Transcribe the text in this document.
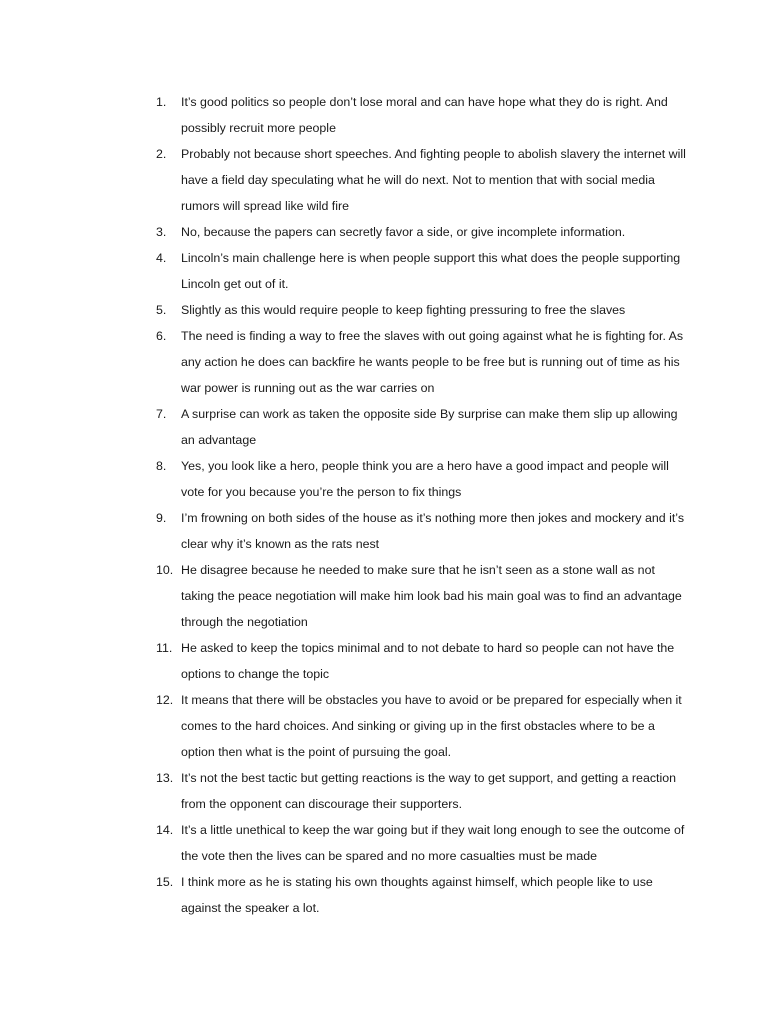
1.	It’s good politics so people don’t lose moral and can have hope what they do is right. And possibly recruit more people
2.	Probably not because short speeches. And fighting people to abolish slavery the internet will have a field day speculating what he will do next. Not to mention that with social media rumors will spread like wild fire
3.	No, because the papers can secretly favor a side, or give incomplete information.
4.	Lincoln’s main challenge here is when people support this what does the people supporting Lincoln get out of it.
5.	Slightly as this would require people to keep fighting pressuring to free the slaves
6.	The need is finding a way to free the slaves with out going against what he is fighting for. As any action he does can backfire he wants people to be free but is running out of time as his war power is running out as the war carries on
7.	A surprise can work as taken the opposite side By surprise can make them slip up allowing an advantage
8.	Yes, you look like a hero, people think you are a hero have a good impact and people will vote for you because you’re the person to fix things
9.	I’m frowning on both sides of the house as it’s nothing more then jokes and mockery and it’s clear why it’s known as the rats nest
10. He disagree because he needed to make sure that he isn’t seen as a stone wall as not taking the peace negotiation will make him look bad his main goal was to find an advantage through the negotiation
11. He asked to keep the topics minimal and to not debate to hard so people can not have the options to change the topic
12. It means that there will be obstacles you have to avoid or be prepared for especially when it comes to the hard choices. And sinking or giving up in the first obstacles where to be a option then what is the point of pursuing the goal.
13. It’s not the best tactic but getting reactions is the way to get support, and getting a reaction from the opponent can discourage their supporters.
14. It’s a little unethical to keep the war going but if they wait long enough to see the outcome of the vote then the lives can be spared and no more casualties must be made
15. I think more as he is stating his own thoughts against himself, which people like to use against the speaker a lot.
